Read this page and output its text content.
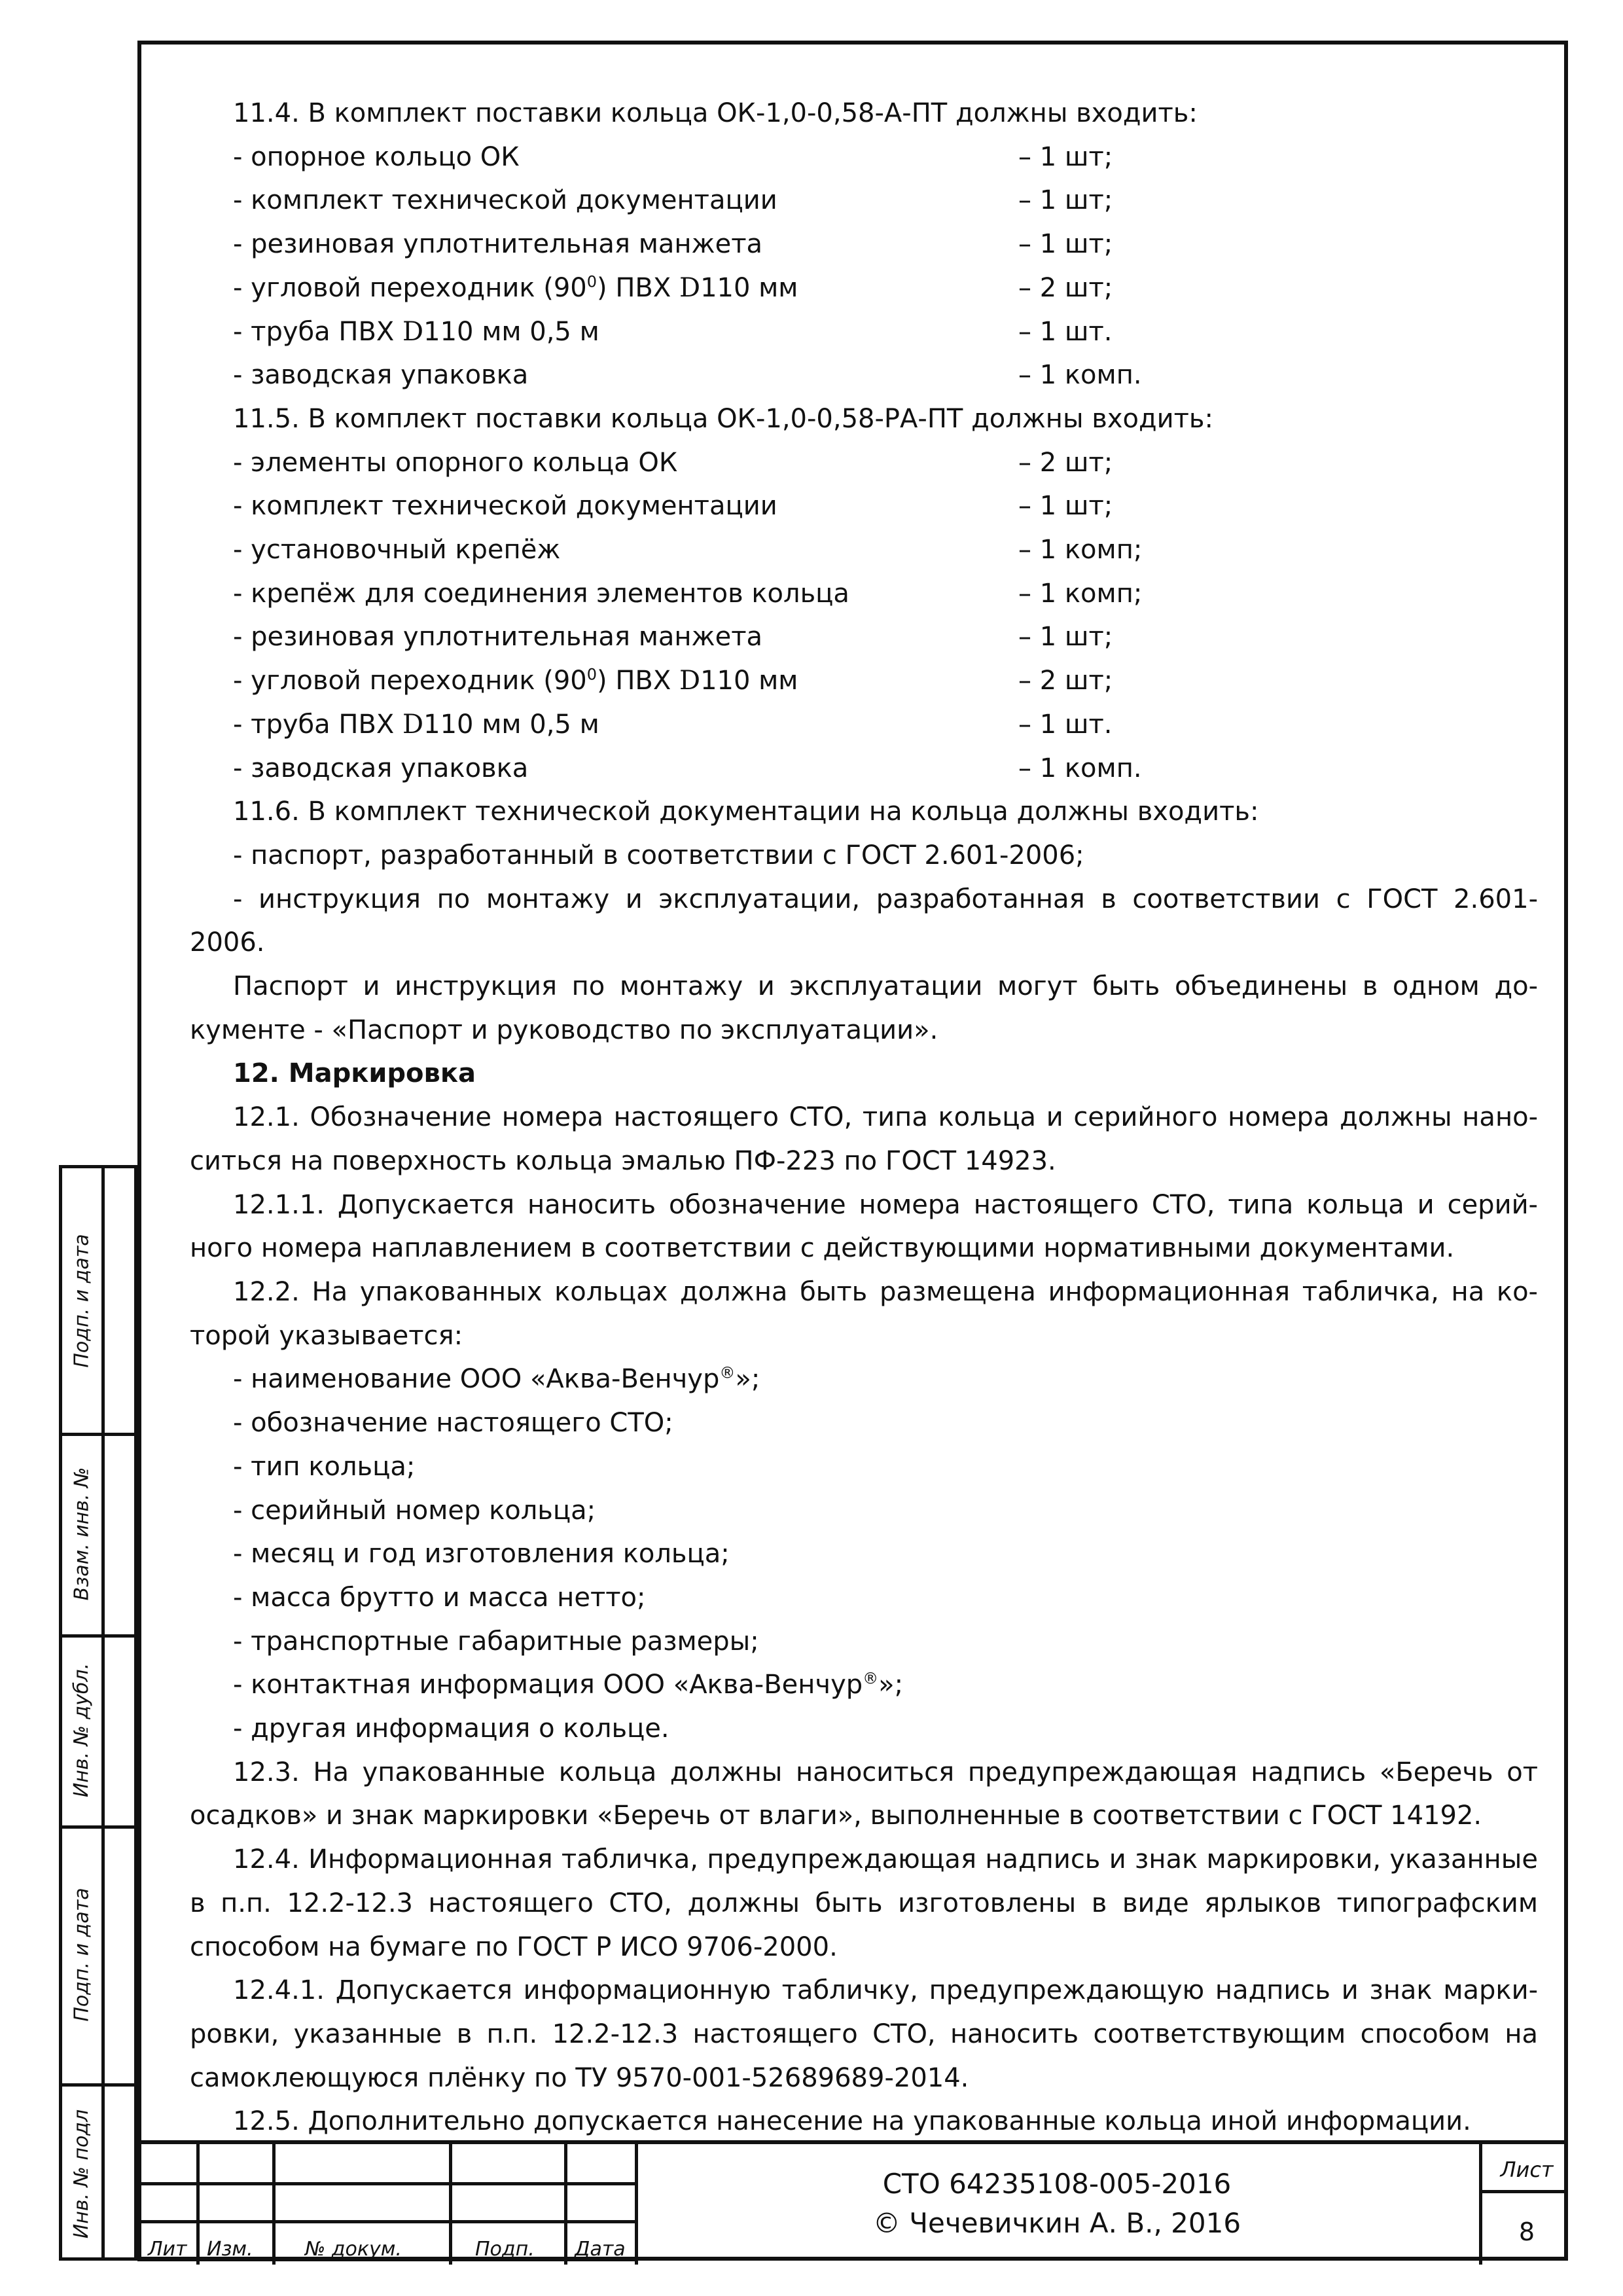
11.4. В комплект поставки кольца ОК-1,0-0,58-А-ПТ должны входить:

- опорное кольцо ОК	– 1 шт;
- комплект технической документации	– 1 шт;
- резиновая уплотнительная манжета	– 1 шт;
- угловой переходник $(90^0)$ ПВХ D110 мм	– 2 шт;
- труба ПВХ D110 мм 0,5 м	– 1 шт.
- заводская упаковка	– 1 комп.

11.5. В комплект поставки кольца ОК-1,0-0,58-РА-ПТ должны входить:

- элементы опорного кольца ОК	– 2 шт;
- комплект технической документации	– 1 шт;
- установочный крепёж	– 1 комп;
- крепёж для соединения элементов кольца	– 1 комп;
- резиновая уплотнительная манжета	– 1 шт;
- угловой переходник $(90^0)$ ПВХ D110 мм	– 2 шт;
- труба ПВХ D110 мм 0,5 м	– 1 шт.
- заводская упаковка	– 1 комп.

11.6. В комплект технической документации на кольца должны входить:

- паспорт, разработанный в соответствии с ГОСТ 2.601-2006;

- инструкция по монтажу и эксплуатации, разработанная в соответствии с ГОСТ 2.601-

2006.

Паспорт и инструкция по монтажу и эксплуатации могут быть объединены в одном до-

кументе - «Паспорт и руководство по эксплуатации».

12. Маркировка

12.1. Обозначение номера настоящего СТО, типа кольца и серийного номера должны нано-

ситься на поверхность кольца эмалью ПФ-223 по ГОСТ 14923.

12.1.1. Допускается наносить обозначение номера настоящего СТО, типа кольца и серий-

ного номера наплавлением в соответствии с действующими нормативными документами.

12.2. На упакованных кольцах должна быть размещена информационная табличка, на ко-

торой указывается:

- наименование ООО «Аква-Венчур®»;

- обозначение настоящего СТО;

- тип кольца;

- серийный номер кольца;

- месяц и год изготовления кольца;

- масса брутто и масса нетто;

- транспортные габаритные размеры;

- контактная информация ООО «Аква-Венчур®»;

- другая информация о кольце.

12.3. На упакованные кольца должны наноситься предупреждающая надпись «Беречь от

осадков» и знак маркировки «Беречь от влаги», выполненные в соответствии с ГОСТ 14192.

12.4. Информационная табличка, предупреждающая надпись и знак маркировки, указанные

в п.п. 12.2-12.3 настоящего СТО, должны быть изготовлены в виде ярлыков типографским

способом на бумаге по ГОСТ Р ИСО 9706-2000.

12.4.1. Допускается информационную табличку, предупреждающую надпись и знак марки-

ровки, указанные в п.п. 12.2-12.3 настоящего СТО, наносить соответствующим способом на

самоклеющуюся плёнку по ТУ 9570-001-52689689-2014.

12.5. Дополнительно допускается нанесение на упакованные кольца иной информации.

Подп. и дата
Взам. инв. №
Инв. № дубл.
Подп. и дата
Инв. № подл
Лит Изм.	№ докум.	Подп. Дата
СТО 64235108-005-2016
© Чечевичкин А. В., 2016
Лист
8
